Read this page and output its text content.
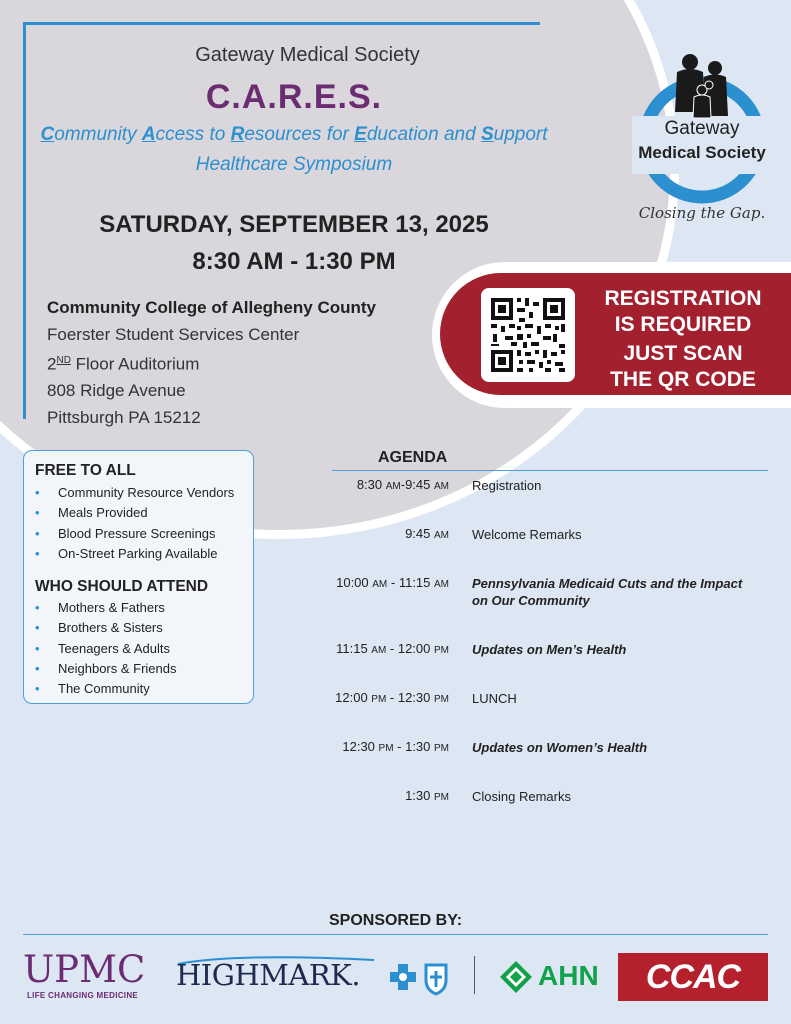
Gateway Medical Society
C.A.R.E.S.
Community Access to Resources for Education and Support
Healthcare Symposium
SATURDAY, SEPTEMBER 13, 2025
8:30 AM - 1:30 PM
Community College of Allegheny County
Foerster Student Services Center
2ND Floor Auditorium
808 Ridge Avenue
Pittsburgh PA 15212
Gateway
Medical Society
Closing the Gap.
REGISTRATION
IS REQUIRED
JUST SCAN
THE QR CODE
FREE TO ALL
• Community Resource Vendors
• Meals Provided
• Blood Pressure Screenings
• On-Street Parking Available
WHO SHOULD ATTEND
• Mothers & Fathers
• Brothers & Sisters
• Teenagers & Adults
• Neighbors & Friends
• The Community
AGENDA
8:30 AM-9:45 AM Registration
9:45 AM Welcome Remarks
10:00 AM - 11:15 AM Pennsylvania Medicaid Cuts and the Impact on Our Community
11:15 AM - 12:00 PM Updates on Men’s Health
12:00 PM - 12:30 PM LUNCH
12:30 PM - 1:30 PM Updates on Women’s Health
1:30 PM Closing Remarks
SPONSORED BY:
UPMC
LIFE CHANGING MEDICINE
HIGHMARK.	AHN	CCAC
